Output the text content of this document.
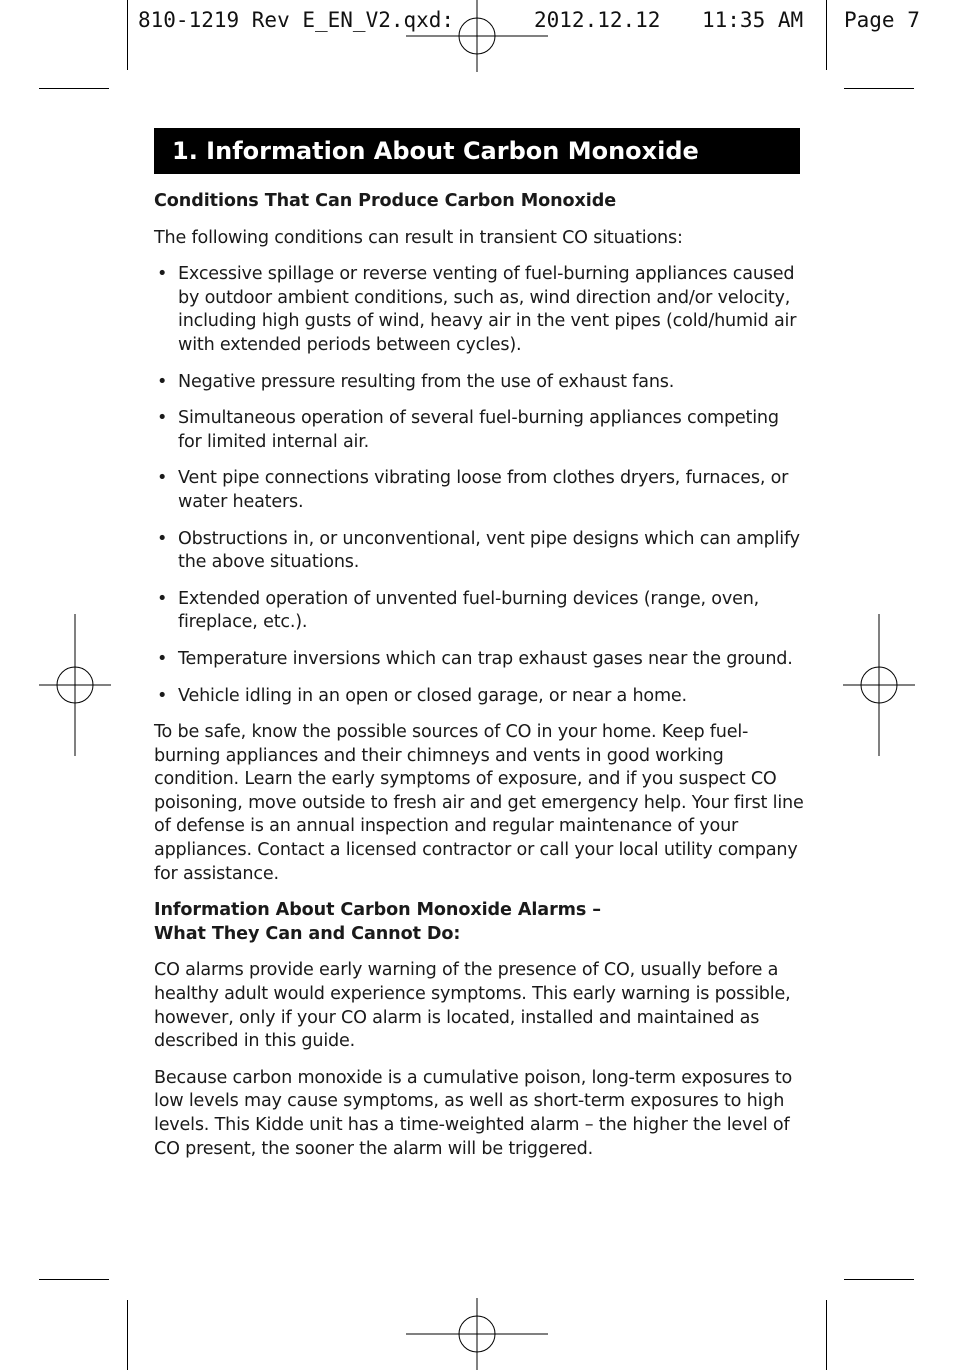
810-1219 Rev E_EN_V2.qxd:

	2012.12.12

11:35 AM

Page 7

1. Information About Carbon Monoxide
Conditions That Can Produce Carbon Monoxide
The following conditions can result in transient CO situations:
• Excessive spillage or reverse venting of fuel-burning appliances caused by outdoor ambient conditions, such as, wind direction and/or velocity, including high gusts of wind, heavy air in the vent pipes (cold/humid air with extended periods between cycles).
• Negative pressure resulting from the use of exhaust fans.
• Simultaneous operation of several fuel-burning appliances competing for limited internal air.
• Vent pipe connections vibrating loose from clothes dryers, furnaces, or water heaters.
• Obstructions in, or unconventional, vent pipe designs which can amplify the above situations.
• Extended operation of unvented fuel-burning devices (range, oven, fireplace, etc.).
• Temperature inversions which can trap exhaust gases near the ground.
• Vehicle idling in an open or closed garage, or near a home.
To be safe, know the possible sources of CO in your home. Keep fuel-burning appliances and their chimneys and vents in good working condition. Learn the early symptoms of exposure, and if you suspect CO poisoning, move outside to fresh air and get emergency help. Your first line of defense is an annual inspection and regular maintenance of your appliances. Contact a licensed contractor or call your local utility company for assistance.
Information About Carbon Monoxide Alarms –
What They Can and Cannot Do:
CO alarms provide early warning of the presence of CO, usually before a healthy adult would experience symptoms. This early warning is possible, however, only if your CO alarm is located, installed and maintained as described in this guide.
Because carbon monoxide is a cumulative poison, long-term exposures to low levels may cause symptoms, as well as short-term exposures to high levels. This Kidde unit has a time-weighted alarm – the higher the level of CO present, the sooner the alarm will be triggered.
